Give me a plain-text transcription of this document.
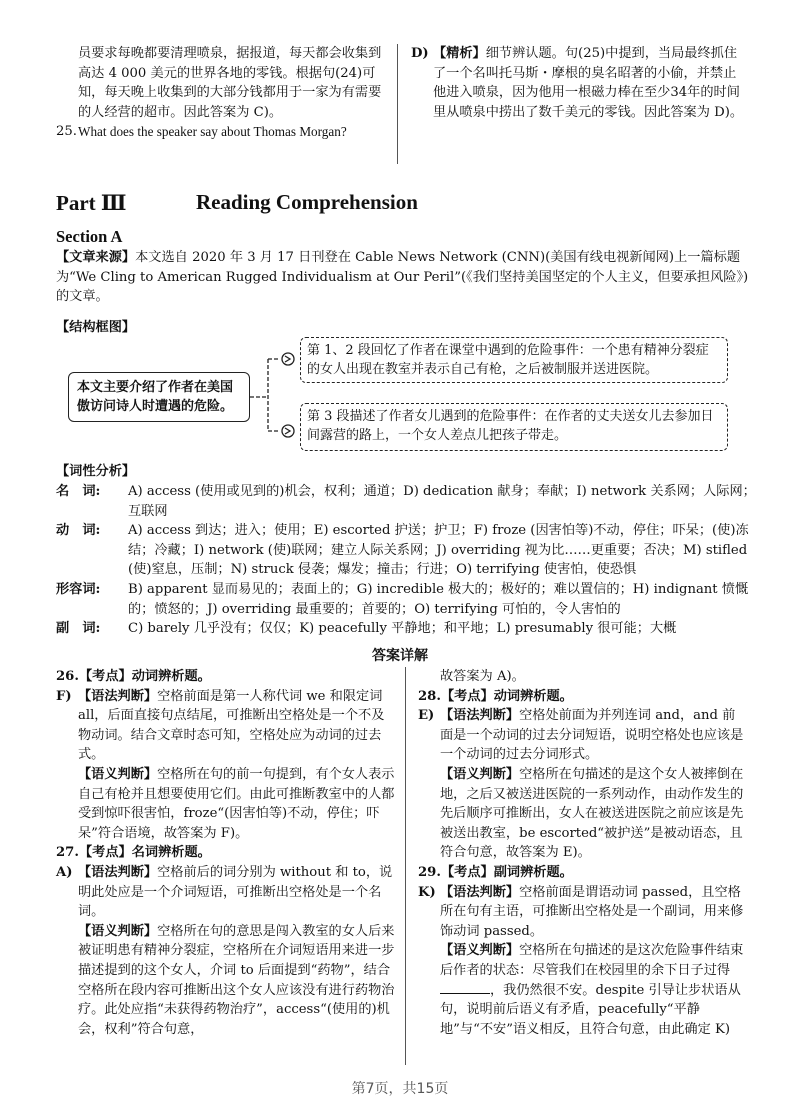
员要求每晚都要清理喷泉，据报道，每天都会收集到高达 4 000 美元的世界各地的零钱。根据句(24)可知，每天晚上收集到的大部分钱都用于一家为有需要的人经营的超市。因此答案为 C)。

25. What does the speaker say about Thomas Morgan?
D) 【精析】细节辨认题。句(25)中提到，当局最终抓住了一个名叫托马斯・摩根的臭名昭著的小偷，并禁止他进入喷泉，因为他用一根磁力棒在至少34年的时间里从喷泉中捞出了数千美元的零钱。因此答案为 D)。
Part Ⅲ	Reading Comprehension
Section A
【文章来源】本文选自 2020 年 3 月 17 日刊登在 Cable News Network (CNN)(美国有线电视新闻网)上一篇标题为“We Cling to American Rugged Individualism at Our Peril”(《我们坚持美国坚定的个人主义，但要承担风险》)的文章。
【结构框图】
本文主要介绍了作者在美国傲访问诗人时遭遇的危险。
第 1、2 段回忆了作者在课堂中遇到的危险事件：一个患有精神分裂症的女人出现在教室并表示自己有枪，之后被制服并送进医院。
第 3 段描述了作者女儿遇到的危险事件：在作者的丈夫送女儿去参加日间露营的路上，一个女人差点儿把孩子带走。
【词性分析】
名　词: A) access (使用或见到的)机会，权利；通道；D) dedication 献身；奉献；I) network 关系网；人际网；互联网
动　词: A) access 到达；进入；使用；E) escorted 护送；护卫；F) froze (因害怕等)不动，停住；吓呆；(使)冻结；冷藏；I) network (使)联网；建立人际关系网；J) overriding 视为比……更重要；否决；M) stifled (使)窒息，压制；N) struck 侵袭；爆发；撞击；行进；O) terrifying 使害怕，使恐惧
形容词: B) apparent 显而易见的；表面上的；G) incredible 极大的；极好的；难以置信的；H) indignant 愤慨的；愤怒的；J) overriding 最重要的；首要的；O) terrifying 可怕的，令人害怕的
副　词: C) barely 几乎没有；仅仅；K) peacefully 平静地；和平地；L) presumably 很可能；大概
答案详解
26.【考点】动词辨析题。
F) 【语法判断】空格前面是第一人称代词 we 和限定词 all，后面直接句点结尾，可推断出空格处是一个不及物动词。结合文章时态可知，空格处应为动词的过去式。
【语义判断】空格所在句的前一句提到，有个女人表示自己有枪并且想要使用它们。由此可推断教室中的人都受到惊吓很害怕，froze“(因害怕等)不动，停住；吓呆”符合语境，故答案为 F)。
27.【考点】名词辨析题。
A) 【语法判断】空格前后的词分别为 without 和 to，说明此处应是一个介词短语，可推断出空格处是一个名词。
【语义判断】空格所在句的意思是闯入教室的女人后来被证明患有精神分裂症，空格所在介词短语用来进一步描述提到的这个女人，介词 to 后面提到“药物”，结合空格所在段内容可推断出这个女人应该没有进行药物治疗。此处应指“未获得药物治疗”，access“(使用的)机会，权利”符合句意，
故答案为 A)。
28.【考点】动词辨析题。
E) 【语法判断】空格处前面为并列连词 and，and 前面是一个动词的过去分词短语，说明空格处也应该是一个动词的过去分词形式。
【语义判断】空格所在句描述的是这个女人被摔倒在地，之后又被送进医院的一系列动作，由动作发生的先后顺序可推断出，女人在被送进医院之前应该是先被送出教室，be escorted“被护送”是被动语态，且符合句意，故答案为 E)。
29.【考点】副词辨析题。
K) 【语法判断】空格前面是谓语动词 passed，且空格所在句有主语，可推断出空格处是一个副词，用来修饰动词 passed。
【语义判断】空格所在句描述的是这次危险事件结束后作者的状态：尽管我们在校园里的余下日子过得，我仍然很不安。despite 引导让步状语从句，说明前后语义有矛盾，peacefully“平静地”与“不安”语义相反，且符合句意，由此确定 K)
第7页，共15页
